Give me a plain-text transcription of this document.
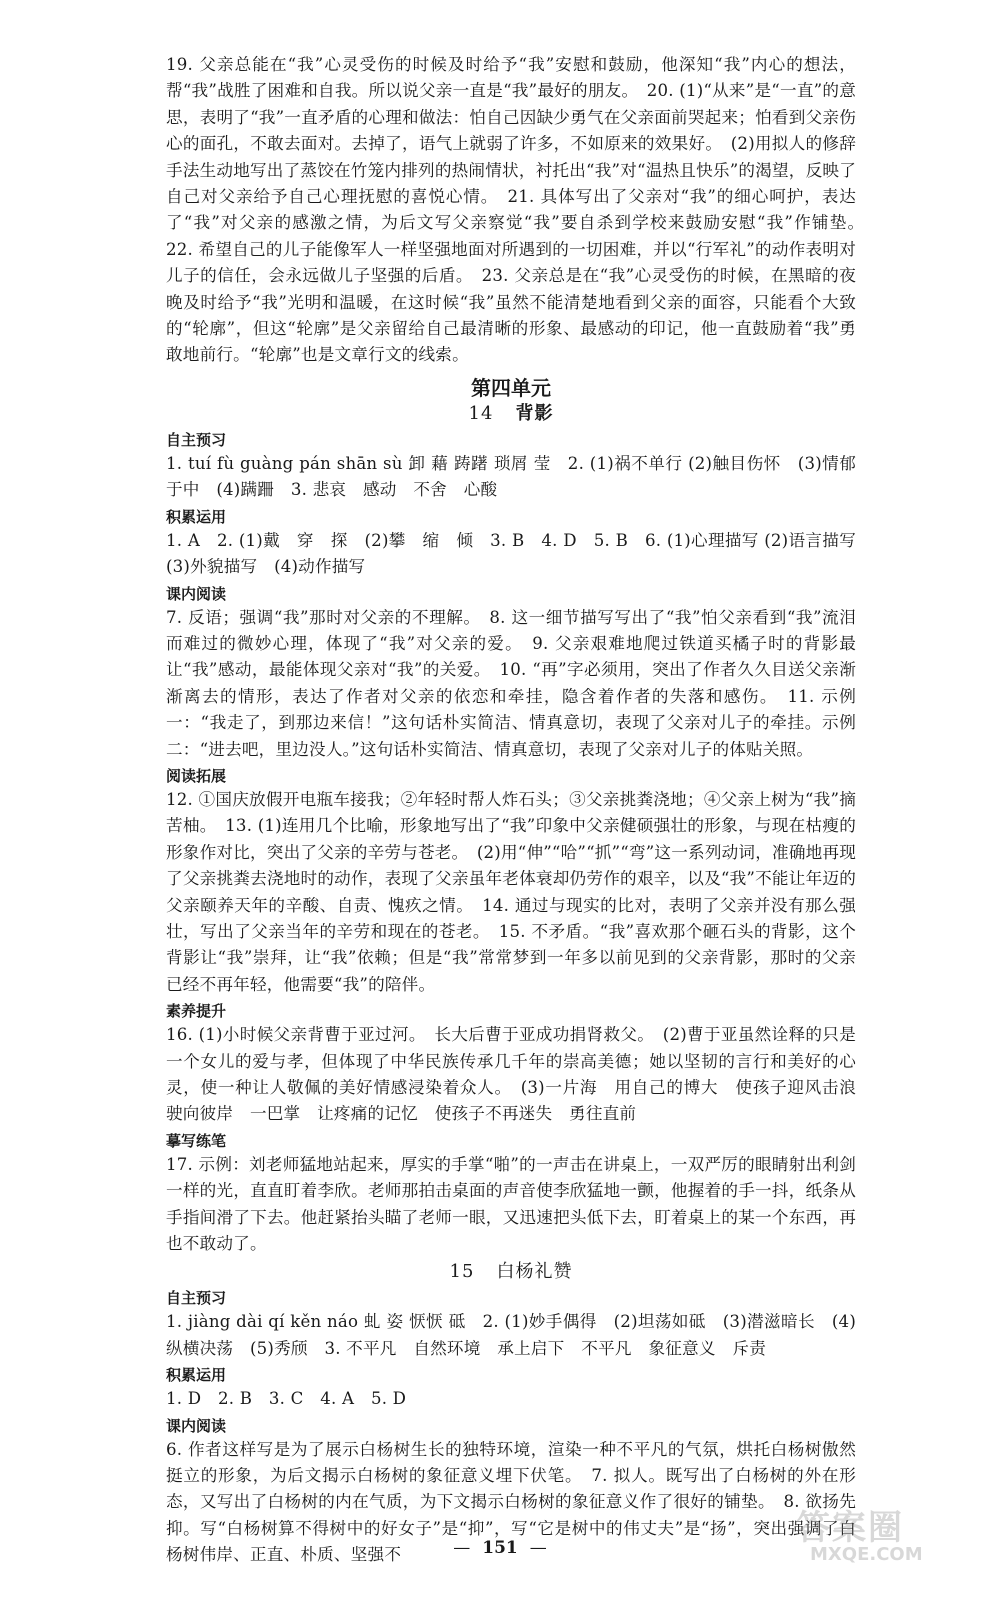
19. 父亲总能在“我”心灵受伤的时候及时给予“我”安慰和鼓励，他深知“我”内心的想法，帮“我”战胜了困难和自我。所以说父亲一直是“我”最好的朋友。　20. (1)“从来”是“一直”的意思，表明了“我”一直矛盾的心理和做法：怕自己因缺少勇气在父亲面前哭起来；怕看到父亲伤心的面孔，不敢去面对。去掉了，语气上就弱了许多，不如原来的效果好。　(2)用拟人的修辞手法生动地写出了蒸饺在竹笼内排列的热闹情状，衬托出“我”对“温热且快乐”的渴望，反映了自己对父亲给予自己心理抚慰的喜悦心情。　21. 具体写出了父亲对“我”的细心呵护，表达了“我”对父亲的感激之情，为后文写父亲察觉“我”要自杀到学校来鼓励安慰“我”作铺垫。　22. 希望自己的儿子能像军人一样坚强地面对所遇到的一切困难，并以“行军礼”的动作表明对儿子的信任，会永远做儿子坚强的后盾。　23. 父亲总是在“我”心灵受伤的时候，在黑暗的夜晚及时给予“我”光明和温暖，在这时候“我”虽然不能清楚地看到父亲的面容，只能看个大致的“轮廓”，但这“轮廓”是父亲留给自己最清晰的形象、最感动的印记，他一直鼓励着“我”勇敢地前行。“轮廓”也是文章行文的线索。

第四单元
14 背影
自主预习

1. tuí fù guàng pán shān sù 卸 藉 踌躇 琐屑 莹　2. (1)祸不单行 (2)触目伤怀　(3)情郁于中　(4)蹒跚　3. 悲哀　感动　不舍　心酸

积累运用

1. A　2. (1)戴　穿　探　(2)攀　缩　倾　3. B　4. D　5. B　6. (1)心理描写 (2)语言描写　(3)外貌描写　(4)动作描写

课内阅读

7. 反语；强调“我”那时对父亲的不理解。　8. 这一细节描写写出了“我”怕父亲看到“我”流泪而难过的微妙心理，体现了“我”对父亲的爱。　9. 父亲艰难地爬过铁道买橘子时的背影最让“我”感动，最能体现父亲对“我”的关爱。　10. “再”字必须用，突出了作者久久目送父亲渐渐离去的情形，表达了作者对父亲的依恋和牵挂，隐含着作者的失落和感伤。　11. 示例一：“我走了，到那边来信！”这句话朴实简洁、情真意切，表现了父亲对儿子的牵挂。示例二：“进去吧，里边没人。”这句话朴实简洁、情真意切，表现了父亲对儿子的体贴关照。

阅读拓展

12. ①国庆放假开电瓶车接我；②年轻时帮人炸石头；③父亲挑粪浇地；④父亲上树为“我”摘苦柚。　13. (1)连用几个比喻，形象地写出了“我”印象中父亲健硕强壮的形象，与现在枯瘦的形象作对比，突出了父亲的辛劳与苍老。　(2)用“伸”“哈”“抓”“弯”这一系列动词，准确地再现了父亲挑粪去浇地时的动作，表现了父亲虽年老体衰却仍劳作的艰辛，以及“我”不能让年迈的父亲颐养天年的辛酸、自责、愧疚之情。　14. 通过与现实的比对，表明了父亲并没有那么强壮，写出了父亲当年的辛劳和现在的苍老。　15. 不矛盾。“我”喜欢那个砸石头的背影，这个背影让“我”崇拜，让“我”依赖；但是“我”常常梦到一年多以前见到的父亲背影，那时的父亲已经不再年轻，他需要“我”的陪伴。

素养提升

16. (1)小时候父亲背曹于亚过河。　长大后曹于亚成功捐肾救父。　(2)曹于亚虽然诠释的只是一个女儿的爱与孝，但体现了中华民族传承几千年的崇高美德；她以坚韧的言行和美好的心灵，使一种让人敬佩的美好情感浸染着众人。　(3)一片海　用自己的博大　使孩子迎风击浪　驶向彼岸　一巴掌　让疼痛的记忆　使孩子不再迷失　勇往直前

摹写练笔

17. 示例：刘老师猛地站起来，厚实的手掌“啪”的一声击在讲桌上，一双严厉的眼睛射出利剑一样的光，直直盯着李欣。老师那拍击桌面的声音使李欣猛地一颤，他握着的手一抖，纸条从手指间滑了下去。他赶紧抬头瞄了老师一眼，又迅速把头低下去，盯着桌上的某一个东西，再也不敢动了。

15 白杨礼赞
自主预习

1. jiàng dài qí kěn náo 虬 姿 恹恹 砥　2. (1)妙手偶得　(2)坦荡如砥　(3)潜滋暗长　(4)纵横决荡　(5)秀颀　3. 不平凡　自然环境　承上启下　不平凡　象征意义　斥责

积累运用

1. D　2. B　3. C　4. A　5. D

课内阅读

6. 作者这样写是为了展示白杨树生长的独特环境，渲染一种不平凡的气氛，烘托白杨树傲然挺立的形象，为后文揭示白杨树的象征意义埋下伏笔。　7. 拟人。既写出了白杨树的外在形态，又写出了白杨树的内在气质，为下文揭示白杨树的象征意义作了很好的铺垫。　8. 欲扬先抑。写“白杨树算不得树中的好女子”是“抑”，写“它是树中的伟丈夫”是“扬”，突出强调了白杨树伟岸、正直、朴质、坚强不	— 151 —	答案圈
MXQE.COM
